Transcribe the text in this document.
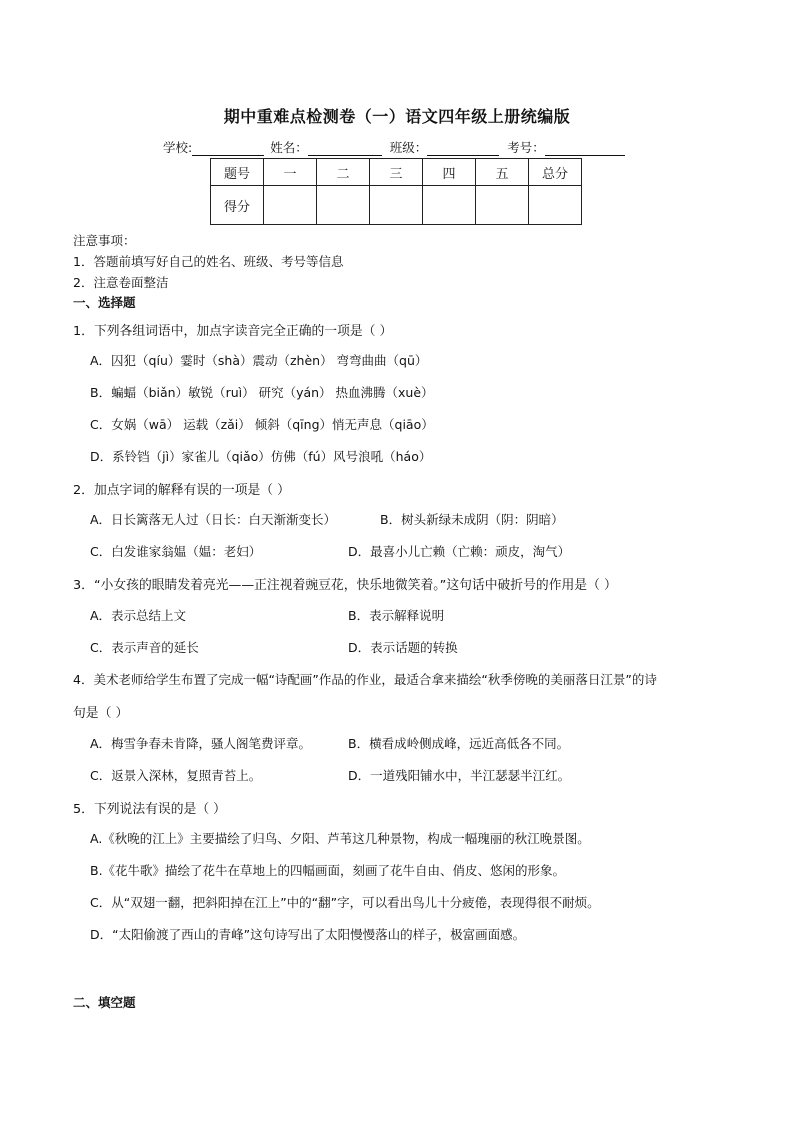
期中重难点检测卷（一）语文四年级上册统编版
学校:	姓名：	班级：	考号：
题号	一	二	三	四	五	总分
得分						
注意事项：
1．答题前填写好自己的姓名、班级、考号等信息
2．注意卷面整洁
一、选择题
1．下列各组词语中，加点字读音完全正确的一项是（ ）
A．囚犯（qíu）霎时（shà）震动（zhèn） 弯弯曲曲（qū）
B．蝙蝠（biǎn）敏锐（ruì） 研究（yán） 热血沸腾（xuè）
C．女娲（wā） 运载（zǎi） 倾斜（qīng）悄无声息（qiāo）
D．系铃铛（jì）家雀儿（qiǎo）仿佛（fú）风号浪吼（háo）
2．加点字词的解释有误的一项是（ ）
A．日长篱落无人过（日长：白天渐渐变长）	B．树头新绿未成阴（阴：阴暗）
C．白发谁家翁媪（媪：老妇）	D．最喜小儿亡赖（亡赖：顽皮，淘气）
3．“小女孩的眼睛发着亮光——正注视着豌豆花，快乐地微笑着。”这句话中破折号的作用是（ ）
A．表示总结上文	B．表示解释说明
C．表示声音的延长	D．表示话题的转换
4．美术老师给学生布置了完成一幅“诗配画”作品的作业，最适合拿来描绘“秋季傍晚的美丽落日江景”的诗
句是（ ）
A．梅雪争春未肯降，骚人阁笔费评章。	B．横看成岭侧成峰，远近高低各不同。
C．返景入深林，复照青苔上。	D．一道残阳铺水中，半江瑟瑟半江红。
5．下列说法有误的是（ ）
A.《秋晚的江上》主要描绘了归鸟、夕阳、芦苇这几种景物，构成一幅瑰丽的秋江晚景图。
B.《花牛歌》描绘了花牛在草地上的四幅画面，刻画了花牛自由、俏皮、悠闲的形象。
C．从“双翅一翻，把斜阳掉在江上”中的“翻”字，可以看出鸟儿十分疲倦，表现得很不耐烦。
D．“太阳偷渡了西山的青峰”这句诗写出了太阳慢慢落山的样子，极富画面感。
二、填空题
